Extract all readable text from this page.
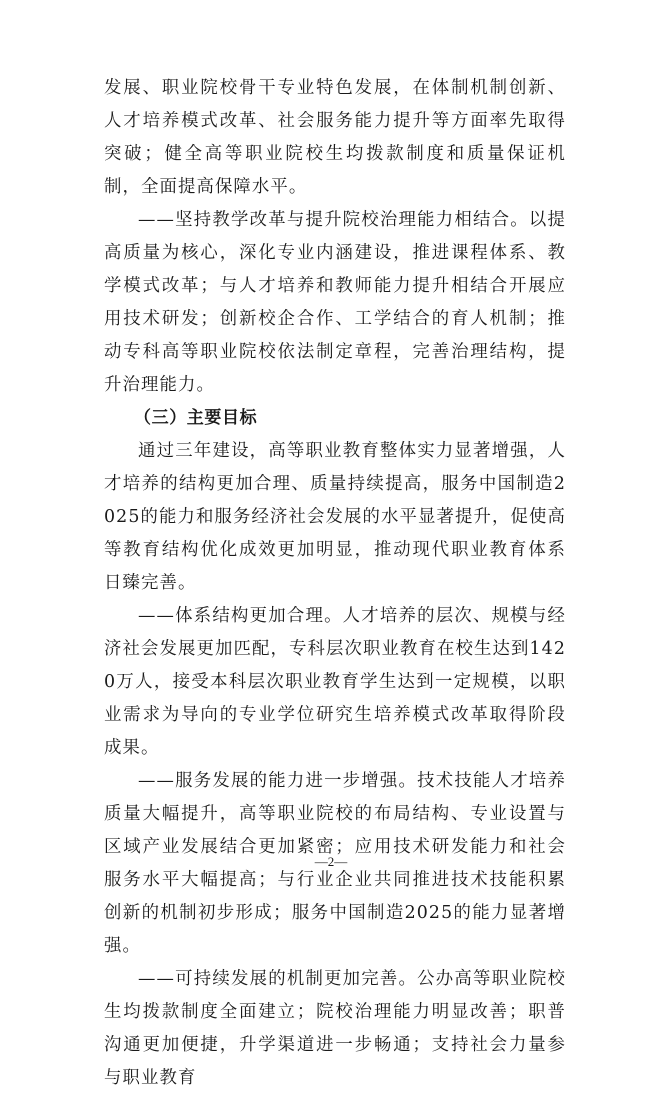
发展、职业院校骨干专业特色发展，在体制机制创新、人才培养模式改革、社会服务能力提升等方面率先取得突破；健全高等职业院校生均拨款制度和质量保证机制，全面提高保障水平。

——坚持教学改革与提升院校治理能力相结合。以提高质量为核心，深化专业内涵建设，推进课程体系、教学模式改革；与人才培养和教师能力提升相结合开展应用技术研发；创新校企合作、工学结合的育人机制；推动专科高等职业院校依法制定章程，完善治理结构，提升治理能力。

（三）主要目标

通过三年建设，高等职业教育整体实力显著增强，人才培养的结构更加合理、质量持续提高，服务中国制造2025的能力和服务经济社会发展的水平显著提升，促使高等教育结构优化成效更加明显，推动现代职业教育体系日臻完善。

——体系结构更加合理。人才培养的层次、规模与经济社会发展更加匹配，专科层次职业教育在校生达到1420万人，接受本科层次职业教育学生达到一定规模，以职业需求为导向的专业学位研究生培养模式改革取得阶段成果。

——服务发展的能力进一步增强。技术技能人才培养质量大幅提升，高等职业院校的布局结构、专业设置与区域产业发展结合更加紧密；应用技术研发能力和社会服务水平大幅提高；与行业企业共同推进技术技能积累创新的机制初步形成；服务中国制造2025的能力显著增强。

——可持续发展的机制更加完善。公办高等职业院校生均拨款制度全面建立；院校治理能力明显改善；职普沟通更加便捷，升学渠道进一步畅通；支持社会力量参与职业教育

—2—
